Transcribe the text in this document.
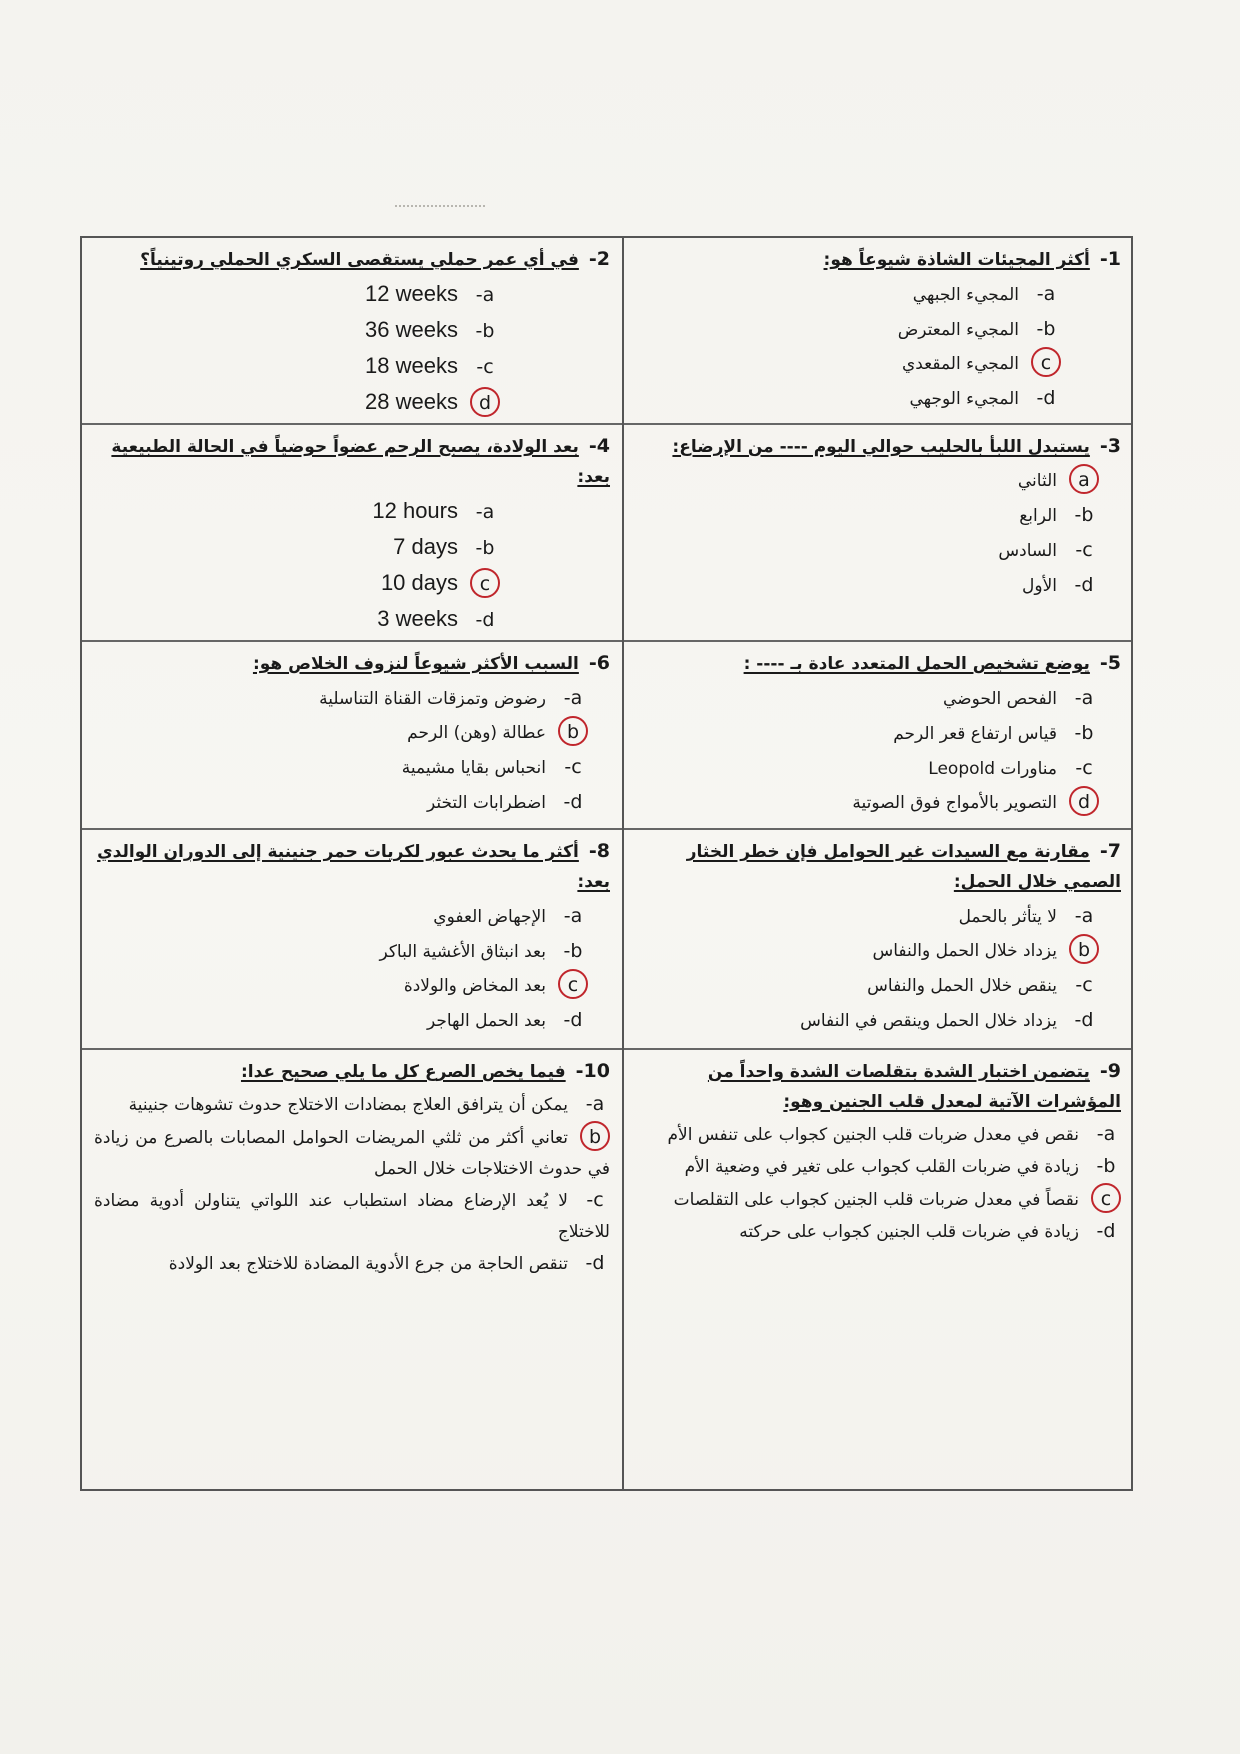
1-أكثر المجيئات الشاذة شيوعاً هو:
a-المجيء الجبهي
b-المجيء المعترض
cالمجيء المقعدي
d-المجيء الوجهي
2-في أي عمر حملي يستقصى السكري الحملي روتينياً؟
a-12 weeks
b-36 weeks
c-18 weeks
d28 weeks
3-يستبدل اللبأ بالحليب حوالي اليوم ---- من الإرضاع:
aالثاني
b-الرابع
c-السادس
d-الأول
4-بعد الولادة، يصبح الرحم عضواً حوضياً في الحالة الطبيعية بعد:
a-12 hours
b-7 days
c10 days
d-3 weeks
5-يوضع تشخيص الحمل المتعدد عادة بـ ---- :
a-الفحص الحوضي
b-قياس ارتفاع قعر الرحم
c-مناورات Leopold
dالتصوير بالأمواج فوق الصوتية
6-السبب الأكثر شيوعاً لنزوف الخلاص هو:
a-رضوض وتمزقات القناة التناسلية
bعطالة (وهن) الرحم
c-انحباس بقايا مشيمية
d-اضطرابات التخثر
7-مقارنة مع السيدات غير الحوامل فإن خطر الخثار الصمي خلال الحمل:
a-لا يتأثر بالحمل
bيزداد خلال الحمل والنفاس
c-ينقص خلال الحمل والنفاس
d-يزداد خلال الحمل وينقص في النفاس
8-أكثر ما يحدث عبور لكريات حمر جنينية إلى الدوران الوالدي بعد:
a-الإجهاض العفوي
b-بعد انبثاق الأغشية الباكر
cبعد المخاض والولادة
d-بعد الحمل الهاجر
9-يتضمن اختبار الشدة بتقلصات الشدة واحداً من المؤشرات الآتية لمعدل قلب الجنين وهو:
a-نقص في معدل ضربات قلب الجنين كجواب على تنفس الأم
b-زيادة في ضربات القلب كجواب على تغير في وضعية الأم
cنقصاً في معدل ضربات قلب الجنين كجواب على التقلصات
d-زيادة في ضربات قلب الجنين كجواب على حركته
10-فيما يخص الصرع كل ما يلي صحيح عدا:
a-يمكن أن يترافق العلاج بمضادات الاختلاج حدوث تشوهات جنينية
bتعاني أكثر من ثلثي المريضات الحوامل المصابات بالصرع من زيادة في حدوث الاختلاجات خلال الحمل
c-لا يُعد الإرضاع مضاد استطباب عند اللواتي يتناولن أدوية مضادة للاختلاج
d-تنقص الحاجة من جرع الأدوية المضادة للاختلاج بعد الولادة
